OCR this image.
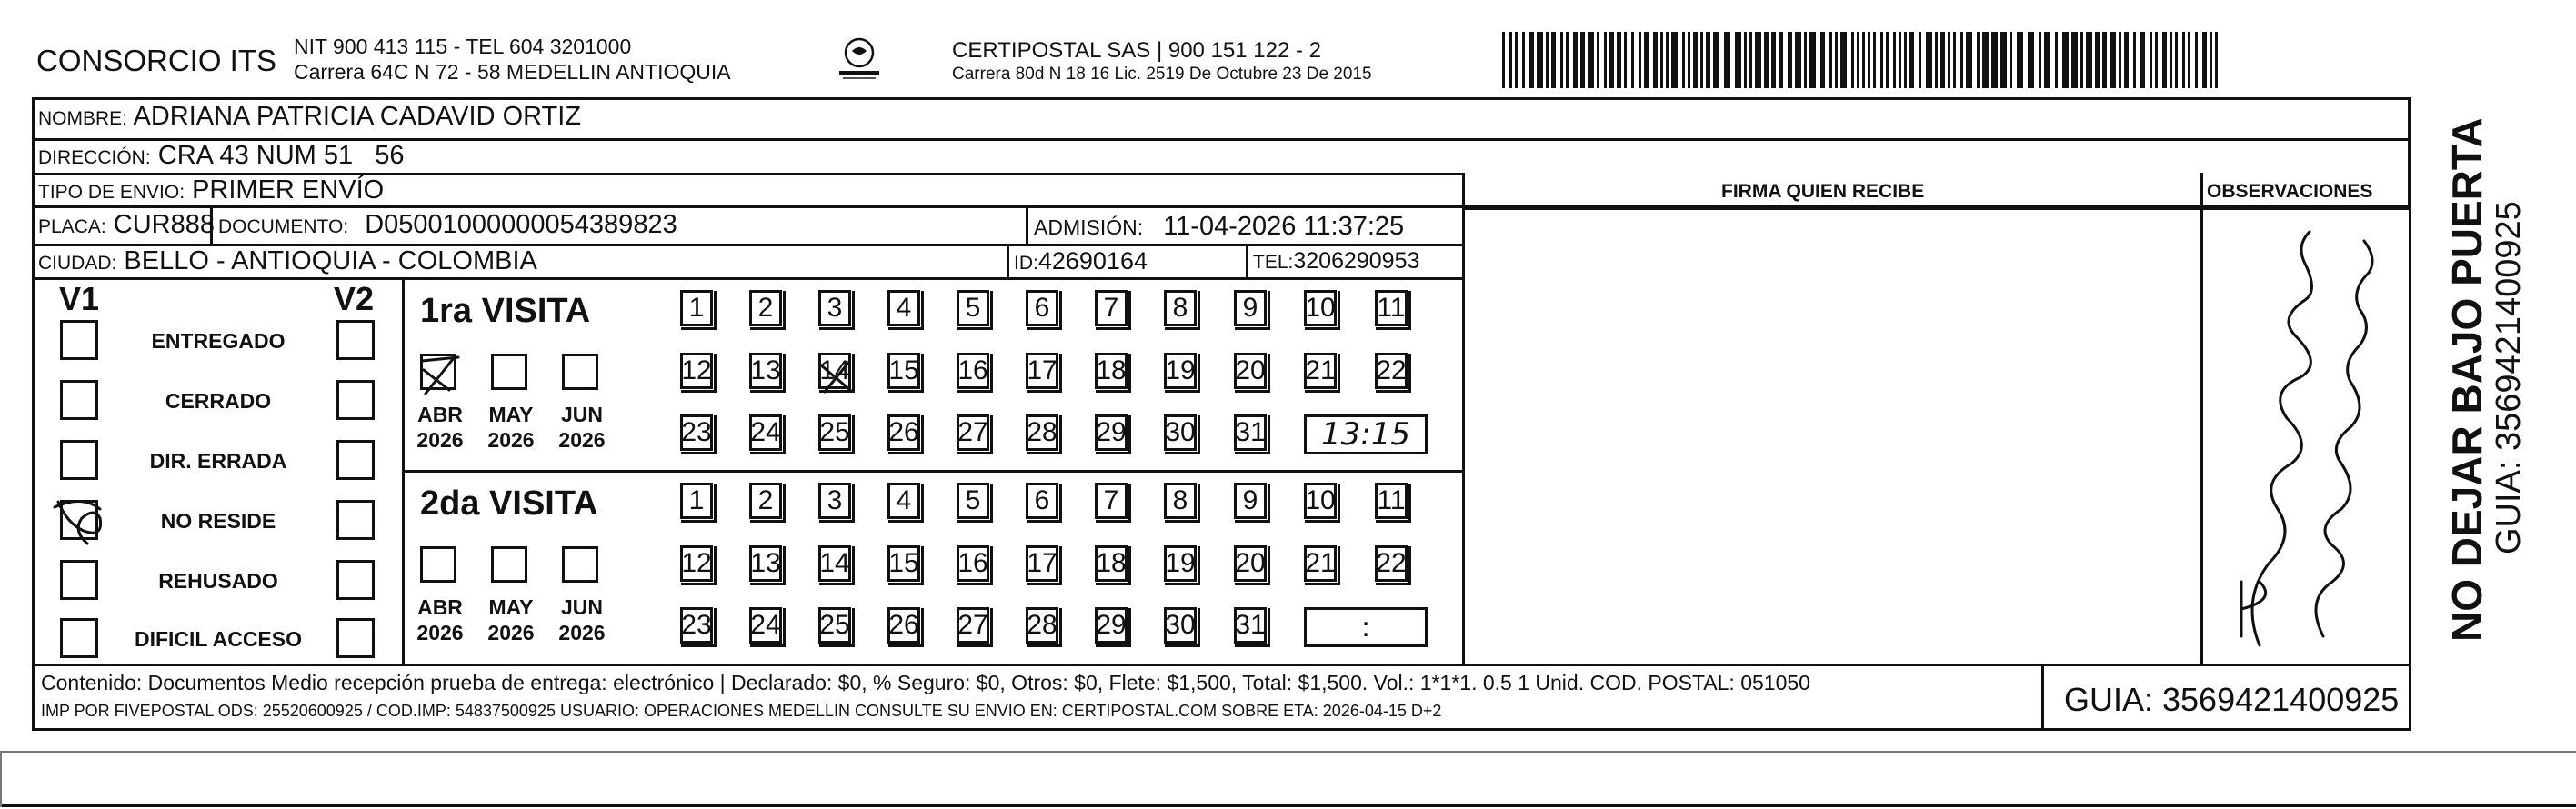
CONSORCIO ITS NIT 900 413 115 - TEL 604 3201000
Carrera 64C N 72 - 58 MEDELLIN ANTIOQUIA
CERTIPOSTAL SAS | 900 151 122 - 2
Carrera 80d N 18 16 Lic. 2519 De Octubre 23 De 2015
NOMBRE: ADRIANA PATRICIA CADAVID ORTIZ
DIRECCIÓN: CRA 43 NUM 51   56
TIPO DE ENVIO: PRIMER ENVÍO
PLACA: CUR888 DOCUMENTO: D05001000000054389823	ADMISIÓN: 11-04-2026 11:37:25
CIUDAD: BELLO - ANTIOQUIA - COLOMBIA	ID:42690164	TEL:3206290953
FIRMA QUIEN RECIBE	OBSERVACIONES
V1	V2
ENTREGADO
CERRADO
DIR. ERRADA
NO RESIDE
REHUSADO
DIFICIL ACCESO
1ra VISITA
ABR
2026
MAY
2026
JUN
2026
1	2	3	4	5	6	7	8	9	10 11
12 13 14 15 16 17 18 19 20 21 22
23 24 25 26 27 28 29 30 31 13:15
2da VISITA
ABR
2026
MAY
2026
JUN
2026
1	2	3	4	5	6	7	8	9	10 11
12 13 14 15 16 17 18 19 20 21 22
23 24 25 26 27 28 29 30 31	:	NO DEJAR BAJO PUERTA GUIA: 3569421400925
Contenido: Documentos Medio recepción prueba de entrega: electrónico | Declarado: $0, % Seguro: $0, Otros: $0, Flete: $1,500, Total: $1,500. Vol.: 1*1*1. 0.5 1 Unid. COD. POSTAL: 051050
IMP POR FIVEPOSTAL ODS: 25520600925 / COD.IMP: 54837500925 USUARIO: OPERACIONES MEDELLIN CONSULTE SU ENVIO EN: CERTIPOSTAL.COM SOBRE ETA: 2026-04-15 D+2	GUIA: 3569421400925
